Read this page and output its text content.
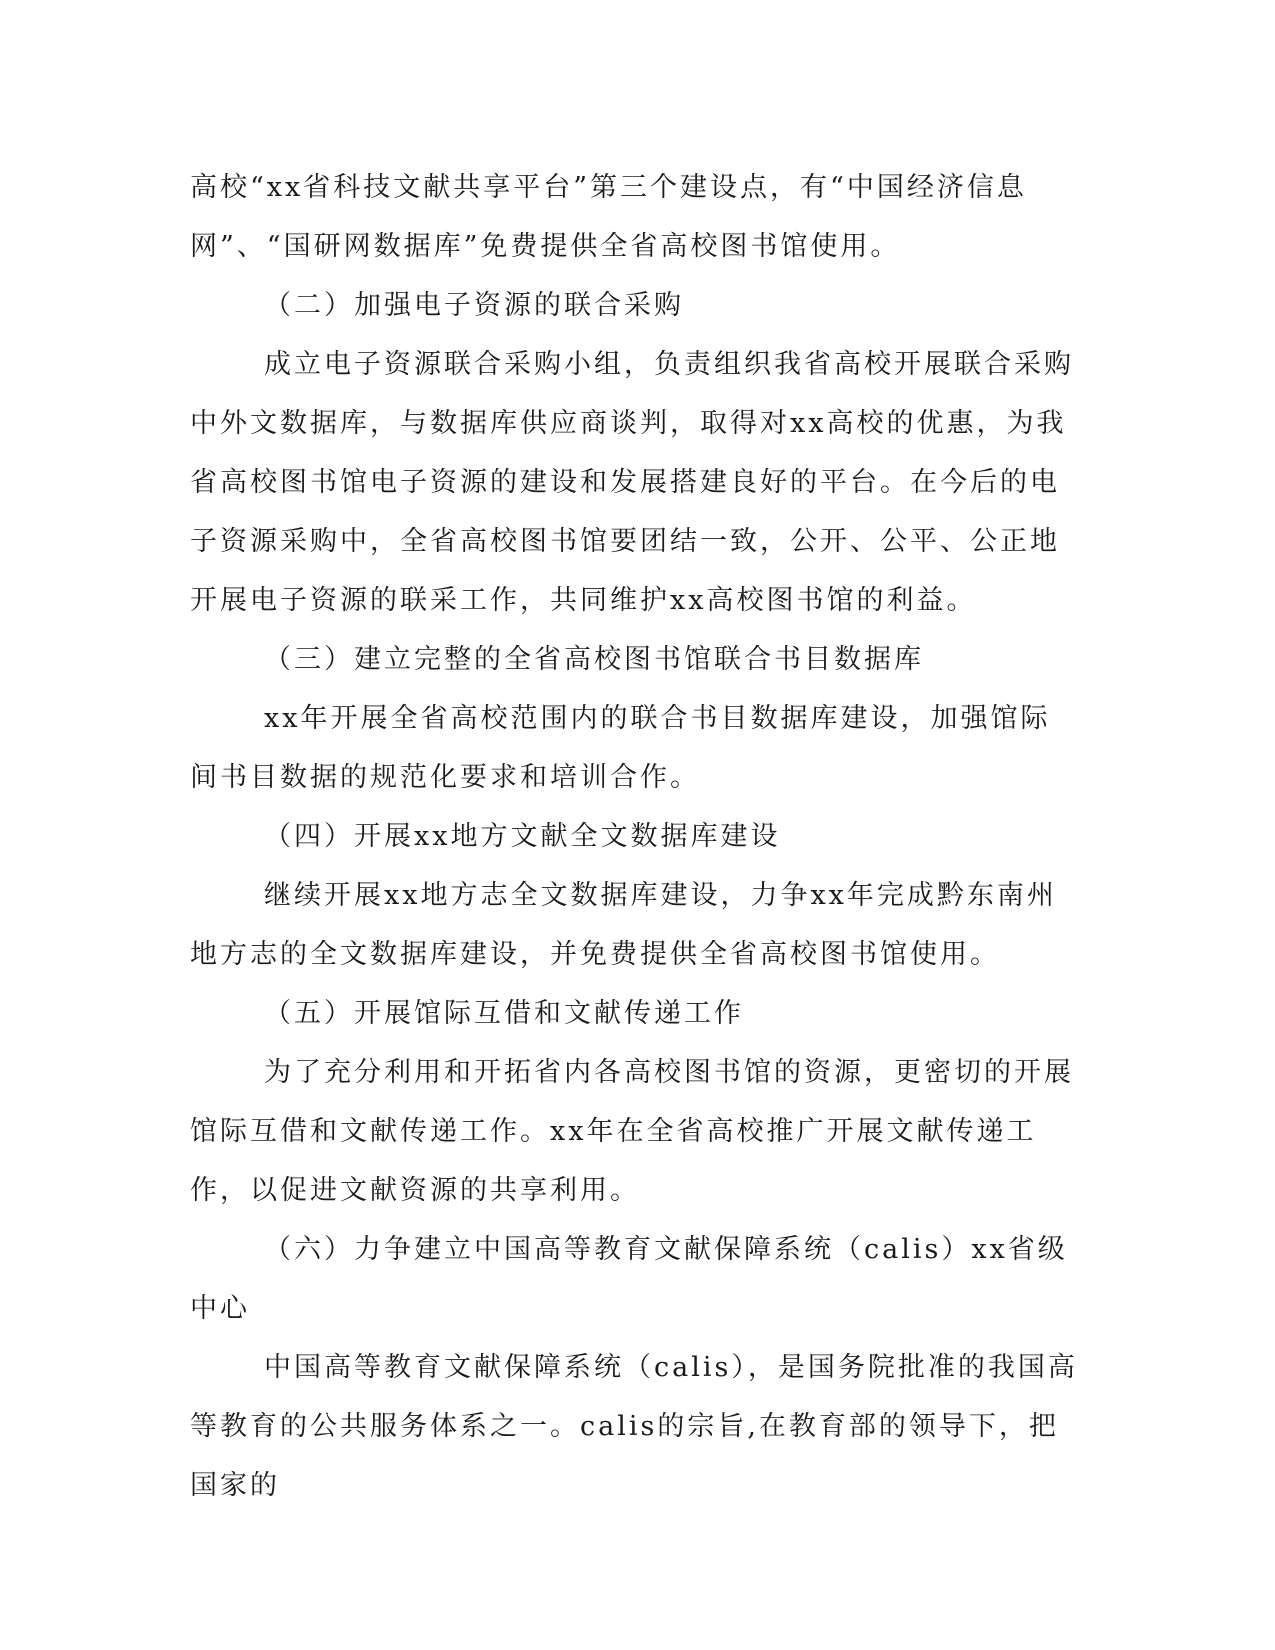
高校“xx省科技文献共享平台”第三个建设点，有“中国经济信息网”、“国研网数据库”免费提供全省高校图书馆使用。

（二）加强电子资源的联合采购

成立电子资源联合采购小组，负责组织我省高校开展联合采购中外文数据库，与数据库供应商谈判，取得对xx高校的优惠，为我省高校图书馆电子资源的建设和发展搭建良好的平台。在今后的电子资源采购中，全省高校图书馆要团结一致，公开、公平、公正地开展电子资源的联采工作，共同维护xx高校图书馆的利益。

（三）建立完整的全省高校图书馆联合书目数据库

xx年开展全省高校范围内的联合书目数据库建设，加强馆际间书目数据的规范化要求和培训合作。

（四）开展xx地方文献全文数据库建设

继续开展xx地方志全文数据库建设，力争xx年完成黔东南州地方志的全文数据库建设，并免费提供全省高校图书馆使用。

（五）开展馆际互借和文献传递工作

为了充分利用和开拓省内各高校图书馆的资源，更密切的开展馆际互借和文献传递工作。xx年在全省高校推广开展文献传递工作，以促进文献资源的共享利用。

（六）力争建立中国高等教育文献保障系统（calis）xx省级中心

中国高等教育文献保障系统（calis），是国务院批准的我国高等教育的公共服务体系之一。calis的宗旨,在教育部的领导下，把国家的
